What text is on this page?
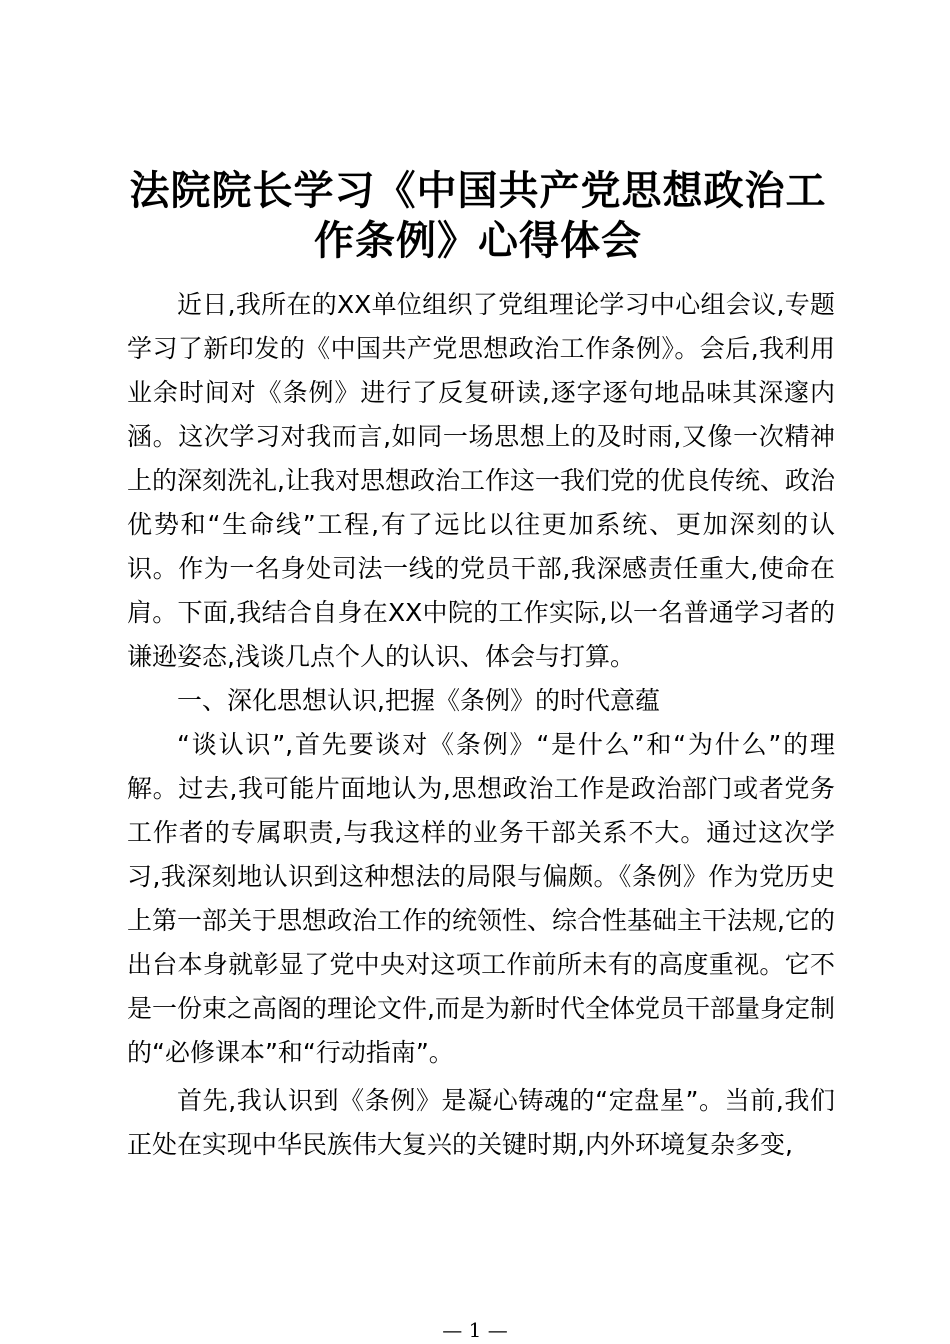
法院院长学习《中国共产党思想政治工作条例》心得体会

近日,我所在的XX单位组织了党组理论学习中心组会议,专题学习了新印发的《中国共产党思想政治工作条例》。会后,我利用业余时间对《条例》进行了反复研读,逐字逐句地品味其深邃内涵。这次学习对我而言,如同一场思想上的及时雨,又像一次精神上的深刻洗礼,让我对思想政治工作这一我们党的优良传统、政治优势和“生命线”工程,有了远比以往更加系统、更加深刻的认识。作为一名身处司法一线的党员干部,我深感责任重大,使命在肩。下面,我结合自身在XX中院的工作实际,以一名普通学习者的谦逊姿态,浅谈几点个人的认识、体会与打算。

一、深化思想认识,把握《条例》的时代意蕴

“谈认识”,首先要谈对《条例》“是什么”和“为什么”的理解。过去,我可能片面地认为,思想政治工作是政治部门或者党务工作者的专属职责,与我这样的业务干部关系不大。通过这次学习,我深刻地认识到这种想法的局限与偏颇。《条例》作为党历史上第一部关于思想政治工作的统领性、综合性基础主干法规,它的出台本身就彰显了党中央对这项工作前所未有的高度重视。它不是一份束之高阁的理论文件,而是为新时代全体党员干部量身定制的“必修课本”和“行动指南”。

首先,我认识到《条例》是凝心铸魂的“定盘星”。当前,我们正处在实现中华民族伟大复兴的关键时期,内外环境复杂多变,

— 1 —
